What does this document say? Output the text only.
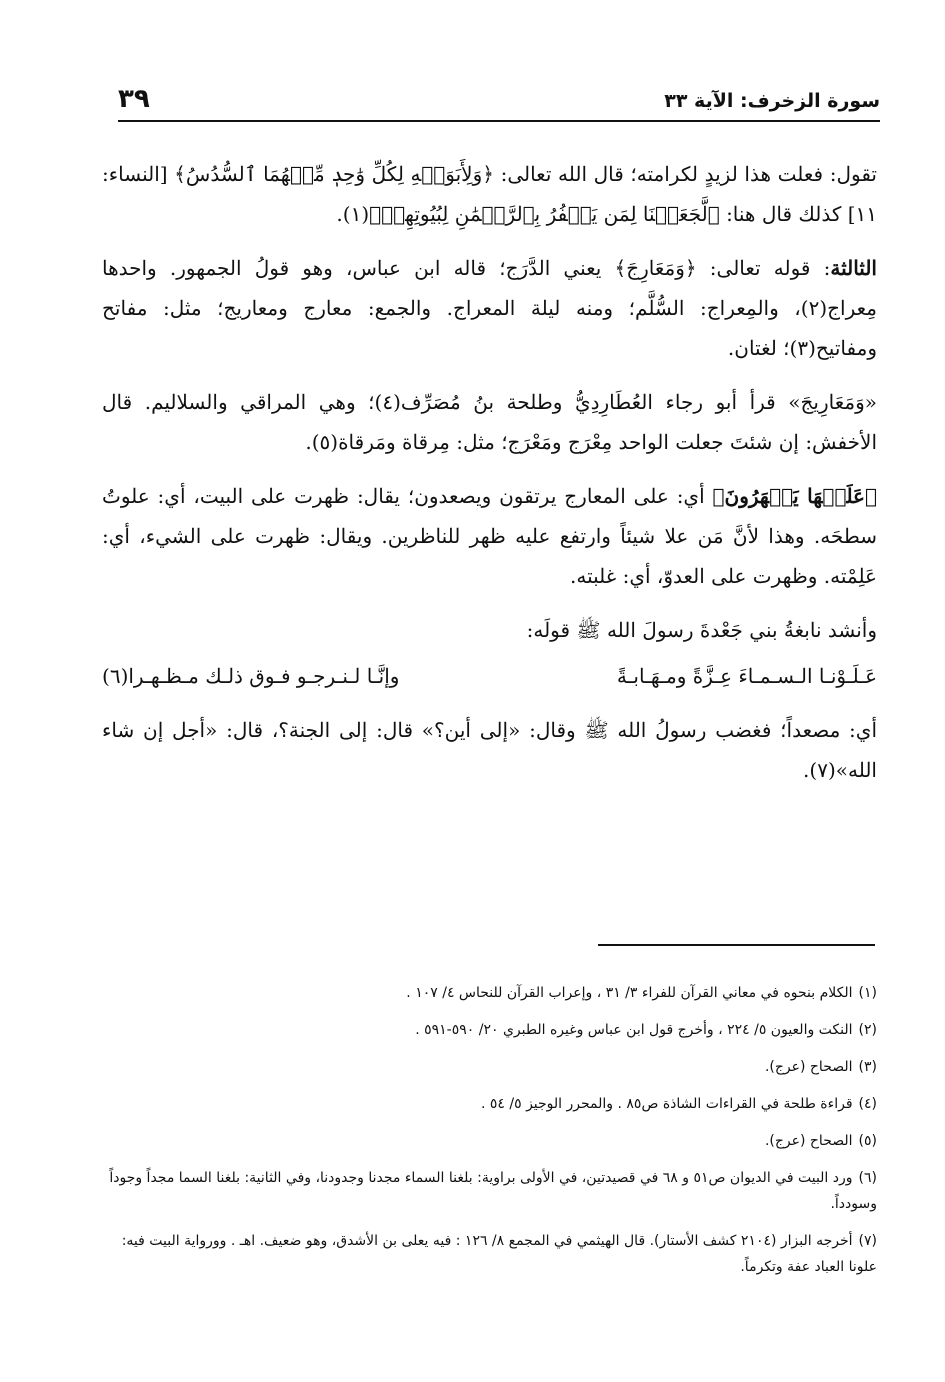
سورة الزخرف: الآية ٣٣
٣٩

تقول: فعلت هذا لزيدٍ لكرامته؛ قال الله تعالى: ﴿وَلِأَبَوَيۡهِ لِكُلِّ وَٰحِدٖ مِّنۡهُمَا ٱلسُّدُسُ﴾ [النساء: ١١] كذلك قال هنا: ﴿لَّجَعَلۡنَا لِمَن يَكۡفُرُ بِٱلرَّحۡمَٰنِ لِبُيُوتِهِمۡ﴾(١).

الثالثة: قوله تعالى: ﴿وَمَعَارِجَ﴾ يعني الدَّرَج؛ قاله ابن عباس، وهو قولُ الجمهور. واحدها مِعراج(٢)، والمِعراج: السُّلَّم؛ ومنه ليلة المعراج. والجمع: معارج ومعاريج؛ مثل: مفاتح ومفاتيح(٣)؛ لغتان.

«وَمَعَارِيجَ» قرأ أبو رجاء العُطَارِدِيُّ وطلحة بنُ مُصَرِّف(٤)؛ وهي المراقي والسلاليم. قال الأخفش: إن شئتَ جعلت الواحد مِعْرَج ومَعْرَج؛ مثل: مِرقاة ومَرقاة(٥).

﴿عَلَيۡهَا يَظۡهَرُونَ﴾ أي: على المعارج يرتقون ويصعدون؛ يقال: ظهرت على البيت، أي: علوتُ سطحَه. وهذا لأنَّ مَن علا شيئاً وارتفع عليه ظهر للناظرين. ويقال: ظهرت على الشيء، أي: عَلِمْته. وظهرت على العدوّ، أي: غلبته.

وأنشد نابغةُ بني جَعْدةَ رسولَ الله ﷺ قولَه:

عَـلَـوْنـا الـسـمـاءَ عِـزَّةً ومـهَـابـةً
وإنَّـا لـنـرجـو فـوق ذلـك مـظـهـرا(٦)

أي: مصعداً؛ فغضب رسولُ الله ﷺ وقال: «إلى أين؟» قال: إلى الجنة؟، قال: «أجل إن شاء الله»(٧).

(١)الكلام بنحوه في معاني القرآن للفراء ٣/ ٣١ ، وإعراب القرآن للنحاس ٤/ ١٠٧ .
(٢)النكت والعيون ٥/ ٢٢٤ ، وأخرج قول ابن عباس وغيره الطبري ٢٠/ ٥٩٠-٥٩١ .
(٣)الصحاح (عرج).
(٤)قراءة طلحة في القراءات الشاذة ص٨٥ . والمحرر الوجيز ٥/ ٥٤ .
(٥)الصحاح (عرج).
(٦)ورد البيت في الديوان ص٥١ و ٦٨ في قصيدتين، في الأولى براوية: بلغنا السماء مجدنا وجدودنا، وفي الثانية: بلغنا السما مجداً وجوداً وسودداً.
(٧)أخرجه البزار (٢١٠٤ كشف الأستار). قال الهيثمي في المجمع ٨/ ١٢٦ : فيه يعلى بن الأشدق، وهو ضعيف. اهـ . وورواية البيت فيه: علونا العباد عفة وتكرماً.
